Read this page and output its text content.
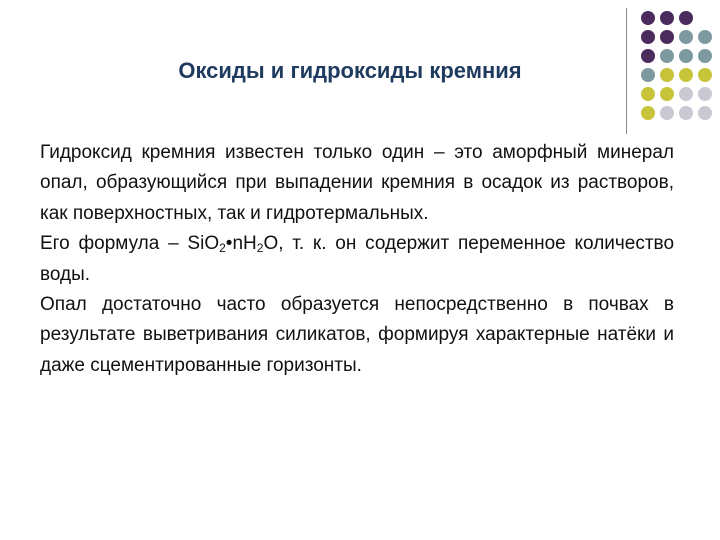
Оксиды и гидроксиды кремния

Гидроксид кремния известен только один – это аморфный минерал опал, образующийся при выпадении кремния в осадок из растворов, как поверхностных, так и гидротермальных.

Его формула – $SiO_2•nH_2O$, т. к. он содержит переменное количество воды.

Опал достаточно часто образуется непосредственно в почвах в результате выветривания силикатов, формируя характерные натёки и даже сцементированные горизонты.
